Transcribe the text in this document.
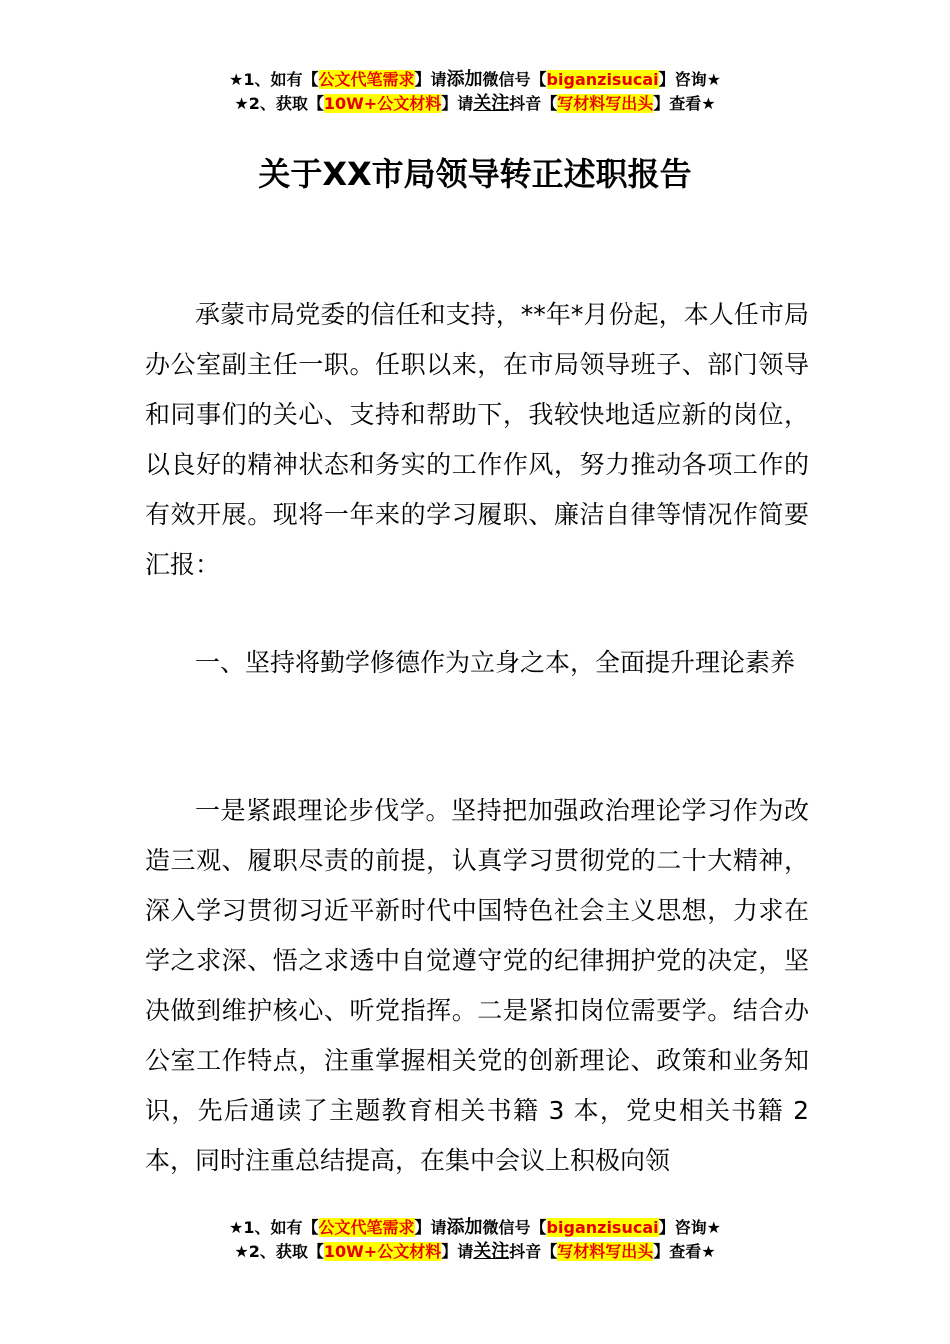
★1、如有【公文代笔需求】请添加微信号【biganzisucai】咨询★
★2、获取【10W+公文材料】请关注抖音【写材料写出头】查看★
关于XX市局领导转正述职报告

承蒙市局党委的信任和支持，**年*月份起，本人任市局办公室副主任一职。任职以来，在市局领导班子、部门领导和同事们的关心、支持和帮助下，我较快地适应新的岗位，以良好的精神状态和务实的工作作风，努力推动各项工作的有效开展。现将一年来的学习履职、廉洁自律等情况作简要汇报：

一、坚持将勤学修德作为立身之本，全面提升理论素养

一是紧跟理论步伐学。坚持把加强政治理论学习作为改造三观、履职尽责的前提，认真学习贯彻党的二十大精神，深入学习贯彻习近平新时代中国特色社会主义思想，力求在学之求深、悟之求透中自觉遵守党的纪律拥护党的决定，坚决做到维护核心、听党指挥。二是紧扣岗位需要学。结合办公室工作特点，注重掌握相关党的创新理论、政策和业务知识，先后通读了主题教育相关书籍 3 本，党史相关书籍 2 本，同时注重总结提高，在集中会议上积极向领

★1、如有【公文代笔需求】请添加微信号【biganzisucai】咨询★
★2、获取【10W+公文材料】请关注抖音【写材料写出头】查看★
